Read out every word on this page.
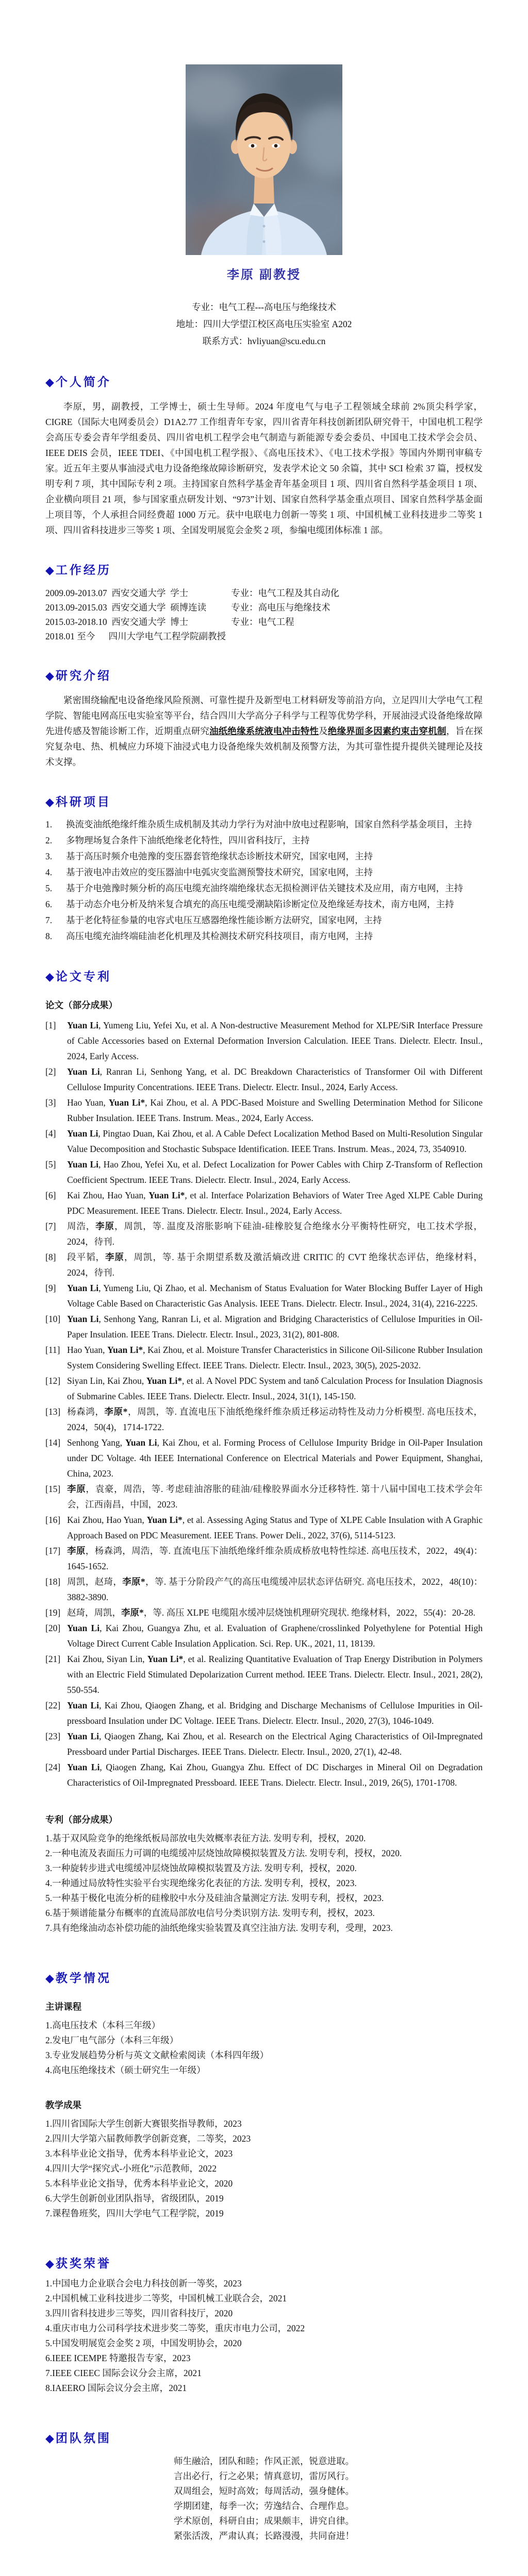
李原 副教授
专业：电气工程---高电压与绝缘技术
地址：四川大学望江校区高电压实验室 A202
联系方式：hvliyuan@scu.edu.cn
◆ 个人简介

李原，男，副教授，工学博士，硕士生导师。2024 年度电气与电子工程领域全球前 2%顶尖科学家，CIGRE（国际大电网委员会）D1A2.77 工作组青年专家，四川省青年科技创新团队研究骨干，中国电机工程学会高压专委会青年学组委员、四川省电机工程学会电气制造与新能源专委会委员、中国电工技术学会会员、IEEE DEIS 会员，IEEE TDEI、《中国电机工程学报》、《高电压技术》、《电工技术学报》等国内外期刊审稿专家。近五年主要从事油浸式电力设备绝缘故障诊断研究，发表学术论文 50 余篇，其中 SCI 检索 37 篇，授权发明专利 7 项，其中国际专利 2 项。主持国家自然科学基金青年基金项目 1 项、四川省自然科学基金项目 1 项、企业横向项目 21 项，参与国家重点研发计划、“973”计划、国家自然科学基金重点项目、国家自然科学基金面上项目等，个人承担合同经费超 1000 万元。获中电联电力创新一等奖 1 项、中国机械工业科技进步二等奖 1 项、四川省科技进步三等奖 1 项、全国发明展览会金奖 2 项，参编电缆团体标准 1 部。

◆ 工作经历
2009.09-2013.07  西安交通大学  学士	专业：电气工程及其自动化
2013.09-2015.03  西安交通大学  硕博连读	专业：高电压与绝缘技术
2015.03-2018.10  西安交通大学  博士	专业：电气工程
2018.01 至今      四川大学电气工程学院副教授
◆ 研究介绍

紧密围绕输配电设备绝缘风险预测、可靠性提升及新型电工材料研发等前沿方向，立足四川大学电气工程学院、智能电网高压电实验室等平台，结合四川大学高分子科学与工程等优势学科，开展油浸式设备绝缘故障先进传感及智能诊断工作，近期重点研究油纸绝缘系统液电冲击特性及绝缘界面多因素约束击穿机制，旨在探究复杂电、热、机械应力环境下油浸式电力设备绝缘失效机制及预警方法，为其可靠性提升提供关键理论及技术支撑。

◆ 科研项目
1.	换流变油纸绝缘纤维杂质生成机制及其动力学行为对油中放电过程影响，国家自然科学基金项目，主持
2.	多物理场复合条件下油纸绝缘老化特性，四川省科技厅，主持
3.	基于高压时频介电弛豫的变压器套管绝缘状态诊断技术研究，国家电网，主持
4.	基于液电冲击效应的变压器油中电弧灾变监测预警技术研究，国家电网，主持
5.	基于介电弛豫时频分析的高压电缆充油终端绝缘状态无损检测评估关键技术及应用，南方电网，主持
6.	基于动态介电分析及纳米复合填充的高压电缆受潮缺陷诊断定位及绝缘延寿技术，南方电网，主持
7.	基于老化特征参量的电容式电压互感器绝缘性能诊断方法研究，国家电网，主持
8.	高压电缆充油终端硅油老化机理及其检测技术研究科技项目，南方电网，主持
◆ 论文专利
论文（部分成果）
[1]	Yuan Li, Yumeng Liu, Yefei Xu, et al. A Non-destructive Measurement Method for XLPE/SiR Interface Pressure of Cable Accessories based on External Deformation Inversion Calculation. IEEE Trans. Dielectr. Electr. Insul., 2024, Early Access.
[2]	Yuan Li, Ranran Li, Senhong Yang, et al. DC Breakdown Characteristics of Transformer Oil with Different Cellulose Impurity Concentrations. IEEE Trans. Dielectr. Electr. Insul., 2024, Early Access.
[3]	Hao Yuan, Yuan Li*, Kai Zhou, et al. A PDC-Based Moisture and Swelling Determination Method for Silicone Rubber Insulation. IEEE Trans. Instrum. Meas., 2024, Early Access.
[4]	Yuan Li, Pingtao Duan, Kai Zhou, et al. A Cable Defect Localization Method Based on Multi-Resolution Singular Value Decomposition and Stochastic Subspace Identification. IEEE Trans. Instrum. Meas., 2024, 73, 3540910.
[5]	Yuan Li, Hao Zhou, Yefei Xu, et al. Defect Localization for Power Cables with Chirp Z-Transform of Reflection Coefficient Spectrum. IEEE Trans. Dielectr. Electr. Insul., 2024, Early Access.
[6]	Kai Zhou, Hao Yuan, Yuan Li*, et al. Interface Polarization Behaviors of Water Tree Aged XLPE Cable During PDC Measurement. IEEE Trans. Dielectr. Electr. Insul., 2024, Early Access.
[7]	周浩，李原，周凯，等. 温度及溶胀影响下硅油-硅橡胶复合绝缘水分平衡特性研究，电工技术学报，2024，待刊.
[8]	段平韬，李原，周凯，等. 基于余期望系数及激活熵改进 CRITIC 的 CVT 绝缘状态评估，绝缘材料，2024，待刊.
[9]	Yuan Li, Yumeng Liu, Qi Zhao, et al. Mechanism of Status Evaluation for Water Blocking Buffer Layer of High Voltage Cable Based on Characteristic Gas Analysis. IEEE Trans. Dielectr. Electr. Insul., 2024, 31(4), 2216-2225.
[10] Yuan Li, Senhong Yang, Ranran Li, et al. Migration and Bridging Characteristics of Cellulose Impurities in Oil-Paper Insulation. IEEE Trans. Dielectr. Electr. Insul., 2023, 31(2), 801-808.
[11] Hao Yuan, Yuan Li*, Kai Zhou, et al. Moisture Transfer Characteristics in Silicone Oil-Silicone Rubber Insulation System Considering Swelling Effect. IEEE Trans. Dielectr. Electr. Insul., 2023, 30(5), 2025-2032.
[12] Siyan Lin, Kai Zhou, Yuan Li*, et al. A Novel PDC System and tanδ Calculation Process for Insulation Diagnosis of Submarine Cables. IEEE Trans. Dielectr. Electr. Insul., 2024, 31(1), 145-150.
[13] 杨森鸿，李原*，周凯，等. 直流电压下油纸绝缘纤维杂质迁移运动特性及动力分析模型. 高电压技术，2024，50(4)，1714-1722.
[14] Senhong Yang, Yuan Li, Kai Zhou, et al. Forming Process of Cellulose Impurity Bridge in Oil-Paper Insulation under DC Voltage. 4th IEEE International Conference on Electrical Materials and Power Equipment, Shanghai, China, 2023.
[15] 李原，袁豪，周浩，等. 考虑硅油溶胀的硅油/硅橡胶界面水分迁移特性. 第十八届中国电工技术学会年会，江西南昌，中国，2023.
[16] Kai Zhou, Hao Yuan, Yuan Li*, et al. Assessing Aging Status and Type of XLPE Cable Insulation with A Graphic Approach Based on PDC Measurement. IEEE Trans. Power Deli., 2022, 37(6), 5114-5123.
[17] 李原，杨森鸿，周浩，等. 直流电压下油纸绝缘纤维杂质成桥放电特性综述. 高电压技术，2022，49(4)：1645-1652.
[18] 周凯，赵琦，李原*，等. 基于分阶段产气的高压电缆缓冲层状态评估研究. 高电压技术，2022，48(10)：3882-3890.
[19] 赵琦，周凯，李原*，等. 高压 XLPE 电缆阻水缓冲层烧蚀机理研究现状. 绝缘材料，2022，55(4)：20-28.
[20] Yuan Li, Kai Zhou, Guangya Zhu, et al. Evaluation of Graphene/crosslinked Polyethylene for Potential High Voltage Direct Current Cable Insulation Application. Sci. Rep. UK., 2021, 11, 18139.
[21] Kai Zhou, Siyan Lin, Yuan Li*, et al. Realizing Quantitative Evaluation of Trap Energy Distribution in Polymers with an Electric Field Stimulated Depolarization Current method. IEEE Trans. Dielectr. Electr. Insul., 2021, 28(2), 550-554.
[22] Yuan Li, Kai Zhou, Qiaogen Zhang, et al. Bridging and Discharge Mechanisms of Cellulose Impurities in Oil-pressboard Insulation under DC Voltage. IEEE Trans. Dielectr. Electr. Insul., 2020, 27(3), 1046-1049.
[23] Yuan Li, Qiaogen Zhang, Kai Zhou, et al. Research on the Electrical Aging Characteristics of Oil-Impregnated Pressboard under Partial Discharges. IEEE Trans. Dielectr. Electr. Insul., 2020, 27(1), 42-48.
[24] Yuan Li, Qiaogen Zhang, Kai Zhou, Guangya Zhu. Effect of DC Discharges in Mineral Oil on Degradation Characteristics of Oil-Impregnated Pressboard. IEEE Trans. Dielectr. Electr. Insul., 2019, 26(5), 1701-1708.
专利（部分成果）
1.基于双风险竞争的绝缘纸板局部放电失效概率表征方法. 发明专利，授权，2020.
2.一种电流及表面压力可调的电缆缓冲层烧蚀故障模拟装置及方法. 发明专利，授权，2020.
3.一种旋转步进式电缆缓冲层烧蚀故障模拟装置及方法. 发明专利，授权，2020.
4.一种通过局放特性实验平台实现绝缘劣化表征的方法. 发明专利，授权，2023.
5.一种基于极化电流分析的硅橡胶中水分及硅油含量测定方法. 发明专利，授权，2023.
6.基于频谱能量分布概率的直流局部放电信号分类识别方法. 发明专利，授权，2023.
7.具有绝缘油动态补偿功能的油纸绝缘实验装置及真空注油方法. 发明专利，受理，2023.
◆ 教学情况
主讲课程
1.高电压技术（本科三年级）
2.发电厂电气部分（本科三年级）
3.专业发展趋势分析与英文文献检索阅读（本科四年级）
4.高电压绝缘技术（硕士研究生一年级）
教学成果
1.四川省国际大学生创新大赛银奖指导教师，2023
2.四川大学第六届教师教学创新竞赛，二等奖，2023
3.本科毕业论文指导，优秀本科毕业论文，2023
4.四川大学“探究式-小班化”示范教师，2022
5.本科毕业论文指导，优秀本科毕业论文，2020
6.大学生创新创业团队指导，省级团队，2019
7.课程鲁班奖，四川大学电气工程学院，2019
◆ 获奖荣誉
1.中国电力企业联合会电力科技创新一等奖，2023
2.中国机械工业科技进步二等奖，中国机械工业联合会，2021
3.四川省科技进步三等奖，四川省科技厅，2020
4.重庆市电力公司科学技术进步奖二等奖，重庆市电力公司，2022
5.中国发明展览会金奖 2 项，中国发明协会，2020
6.IEEE ICEMPE 特邀报告专家，2023
7.IEEE CIEEC 国际会议分会主席，2021
8.IAEERO 国际会议分会主席，2021
◆ 团队氛围
师生融洽，团队和睦；作风正派，锐意进取。
言出必行，行之必果；情真意切，雷厉风行。
双周组会，短时高效；每周活动，强身健体。
学期团建，每季一次；劳逸结合、合理作息。
学术原创，科研自由；成果颇丰，讲究自律。
紧张活泼，严肃认真；长路漫漫，共同奋进！
